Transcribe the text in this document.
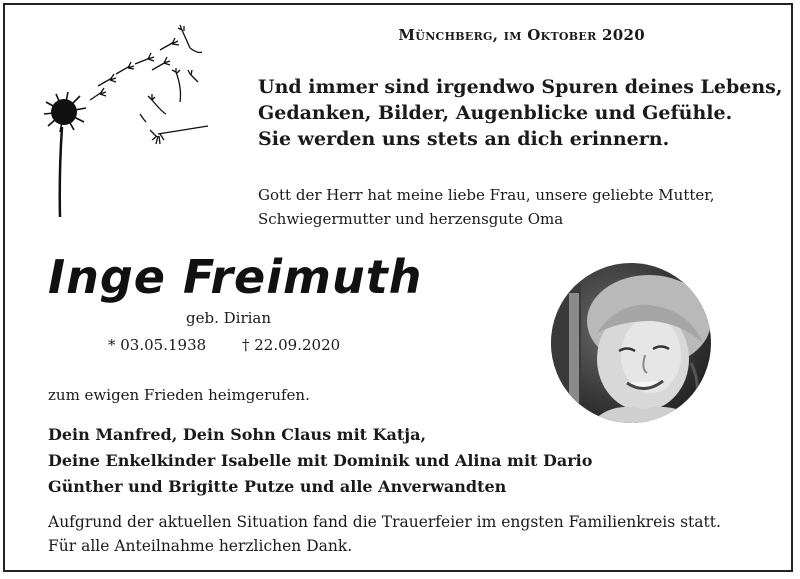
Münchberg, im Oktober 2020
Und immer sind irgendwo Spuren deines Lebens,
Gedanken, Bilder, Augenblicke und Gefühle.
Sie werden uns stets an dich erinnern.
Gott der Herr hat meine liebe Frau, unsere geliebte Mutter,
Schwiegermutter und herzensgute Oma
Inge Freimuth
geb. Dirian
* 03.05.1938 † 22.09.2020
zum ewigen Frieden heimgerufen.
Dein Manfred, Dein Sohn Claus mit Katja,
Deine Enkelkinder Isabelle mit Dominik und Alina mit Dario
Günther und Brigitte Putze und alle Anverwandten
Aufgrund der aktuellen Situation fand die Trauerfeier im engsten Familienkreis statt.
Für alle Anteilnahme herzlichen Dank.
